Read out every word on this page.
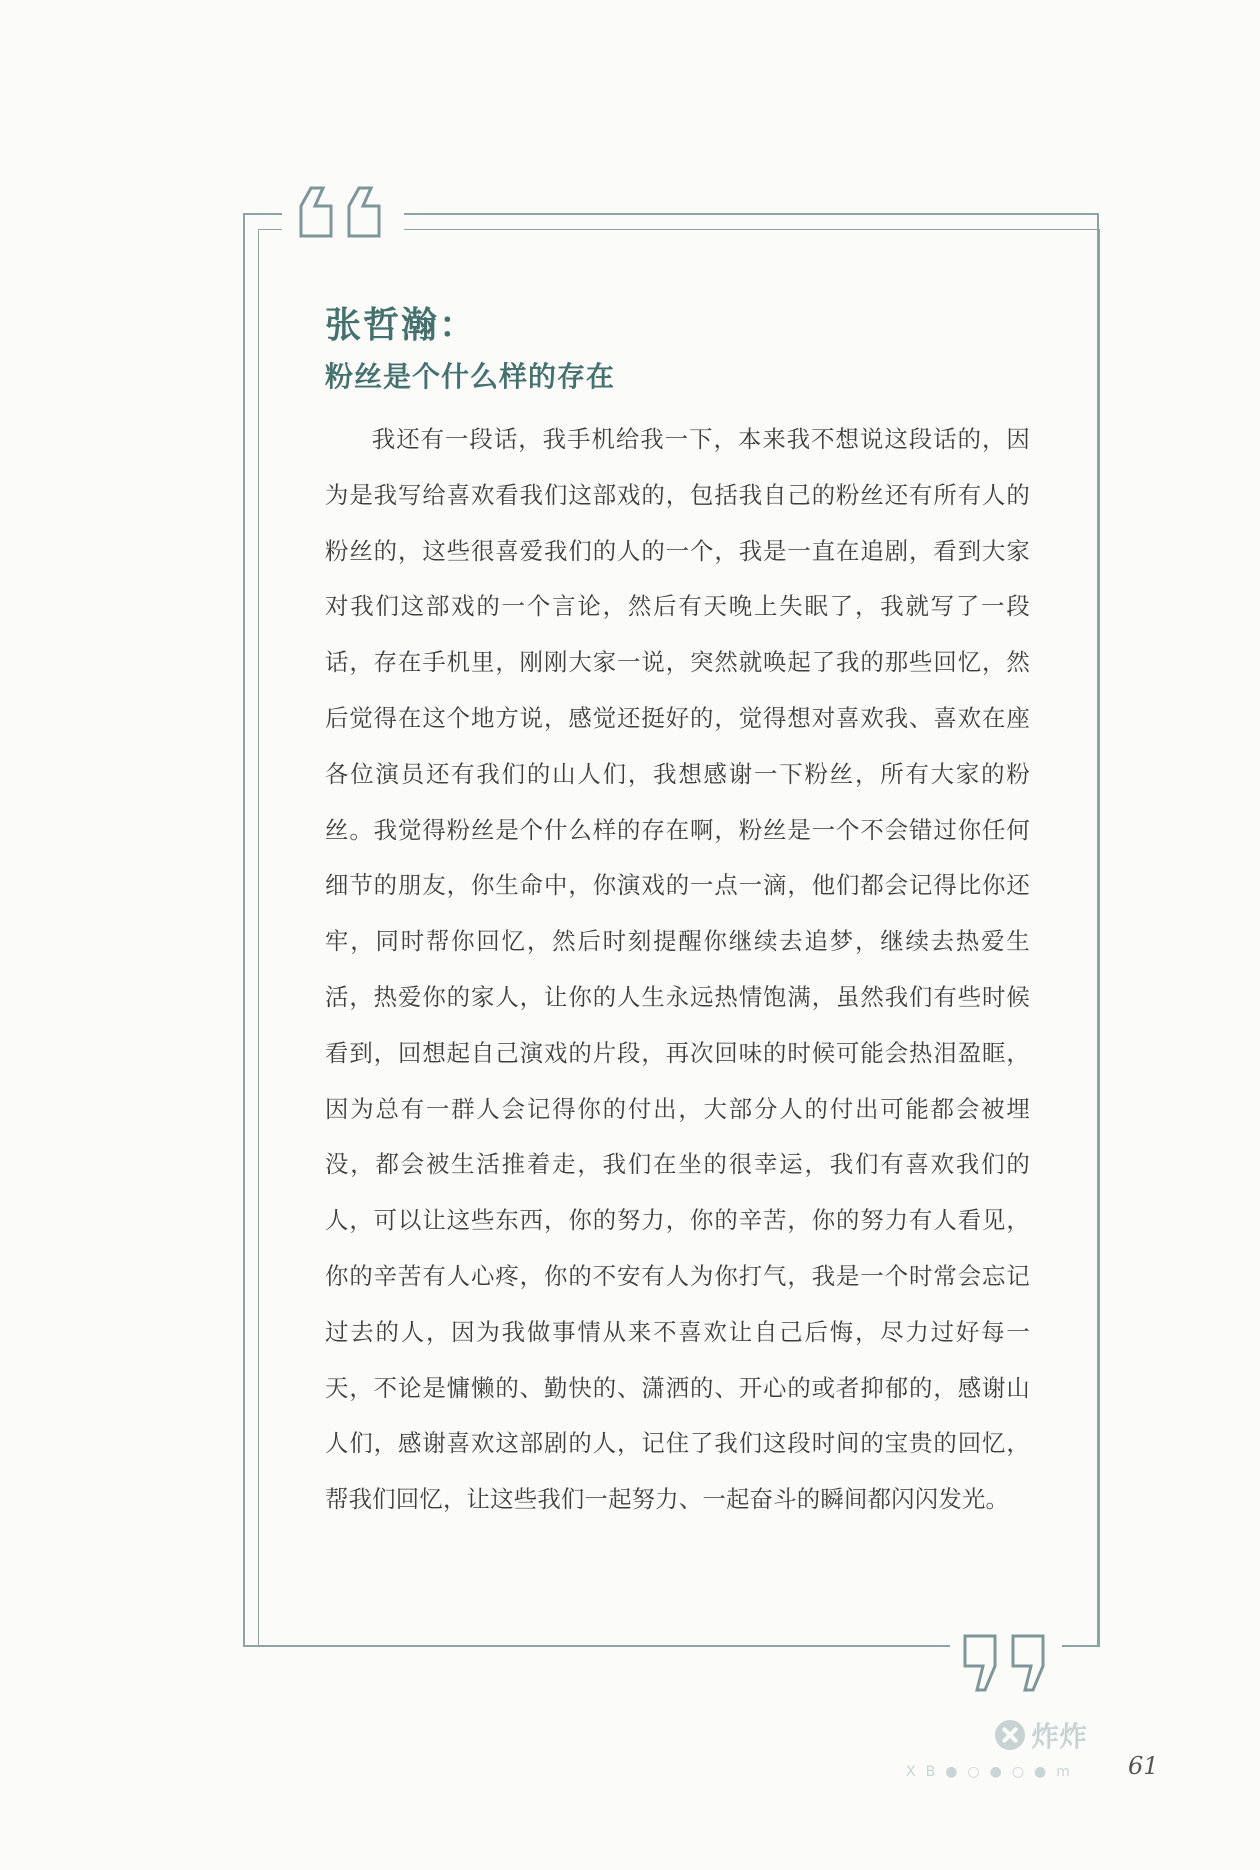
张哲瀚：
粉丝是个什么样的存在

我还有一段话，我手机给我一下，本来我不想说这段话的，因为是我写给喜欢看我们这部戏的，包括我自己的粉丝还有所有人的粉丝的，这些很喜爱我们的人的一个，我是一直在追剧，看到大家对我们这部戏的一个言论，然后有天晚上失眠了，我就写了一段话，存在手机里，刚刚大家一说，突然就唤起了我的那些回忆，然后觉得在这个地方说，感觉还挺好的，觉得想对喜欢我、喜欢在座各位演员还有我们的山人们，我想感谢一下粉丝，所有大家的粉丝。我觉得粉丝是个什么样的存在啊，粉丝是一个不会错过你任何细节的朋友，你生命中，你演戏的一点一滴，他们都会记得比你还牢，同时帮你回忆，然后时刻提醒你继续去追梦，继续去热爱生活，热爱你的家人，让你的人生永远热情饱满，虽然我们有些时候看到，回想起自己演戏的片段，再次回味的时候可能会热泪盈眶，因为总有一群人会记得你的付出，大部分人的付出可能都会被埋没，都会被生活推着走，我们在坐的很幸运，我们有喜欢我们的人，可以让这些东西，你的努力，你的辛苦，你的努力有人看见，你的辛苦有人心疼，你的不安有人为你打气，我是一个时常会忘记过去的人，因为我做事情从来不喜欢让自己后悔，尽力过好每一天，不论是慵懒的、勤快的、潇洒的、开心的或者抑郁的，感谢山人们，感谢喜欢这部剧的人，记住了我们这段时间的宝贵的回忆，帮我们回忆，让这些我们一起努力、一起奋斗的瞬间都闪闪发光。

炸炸
XB●○●○●m 61
